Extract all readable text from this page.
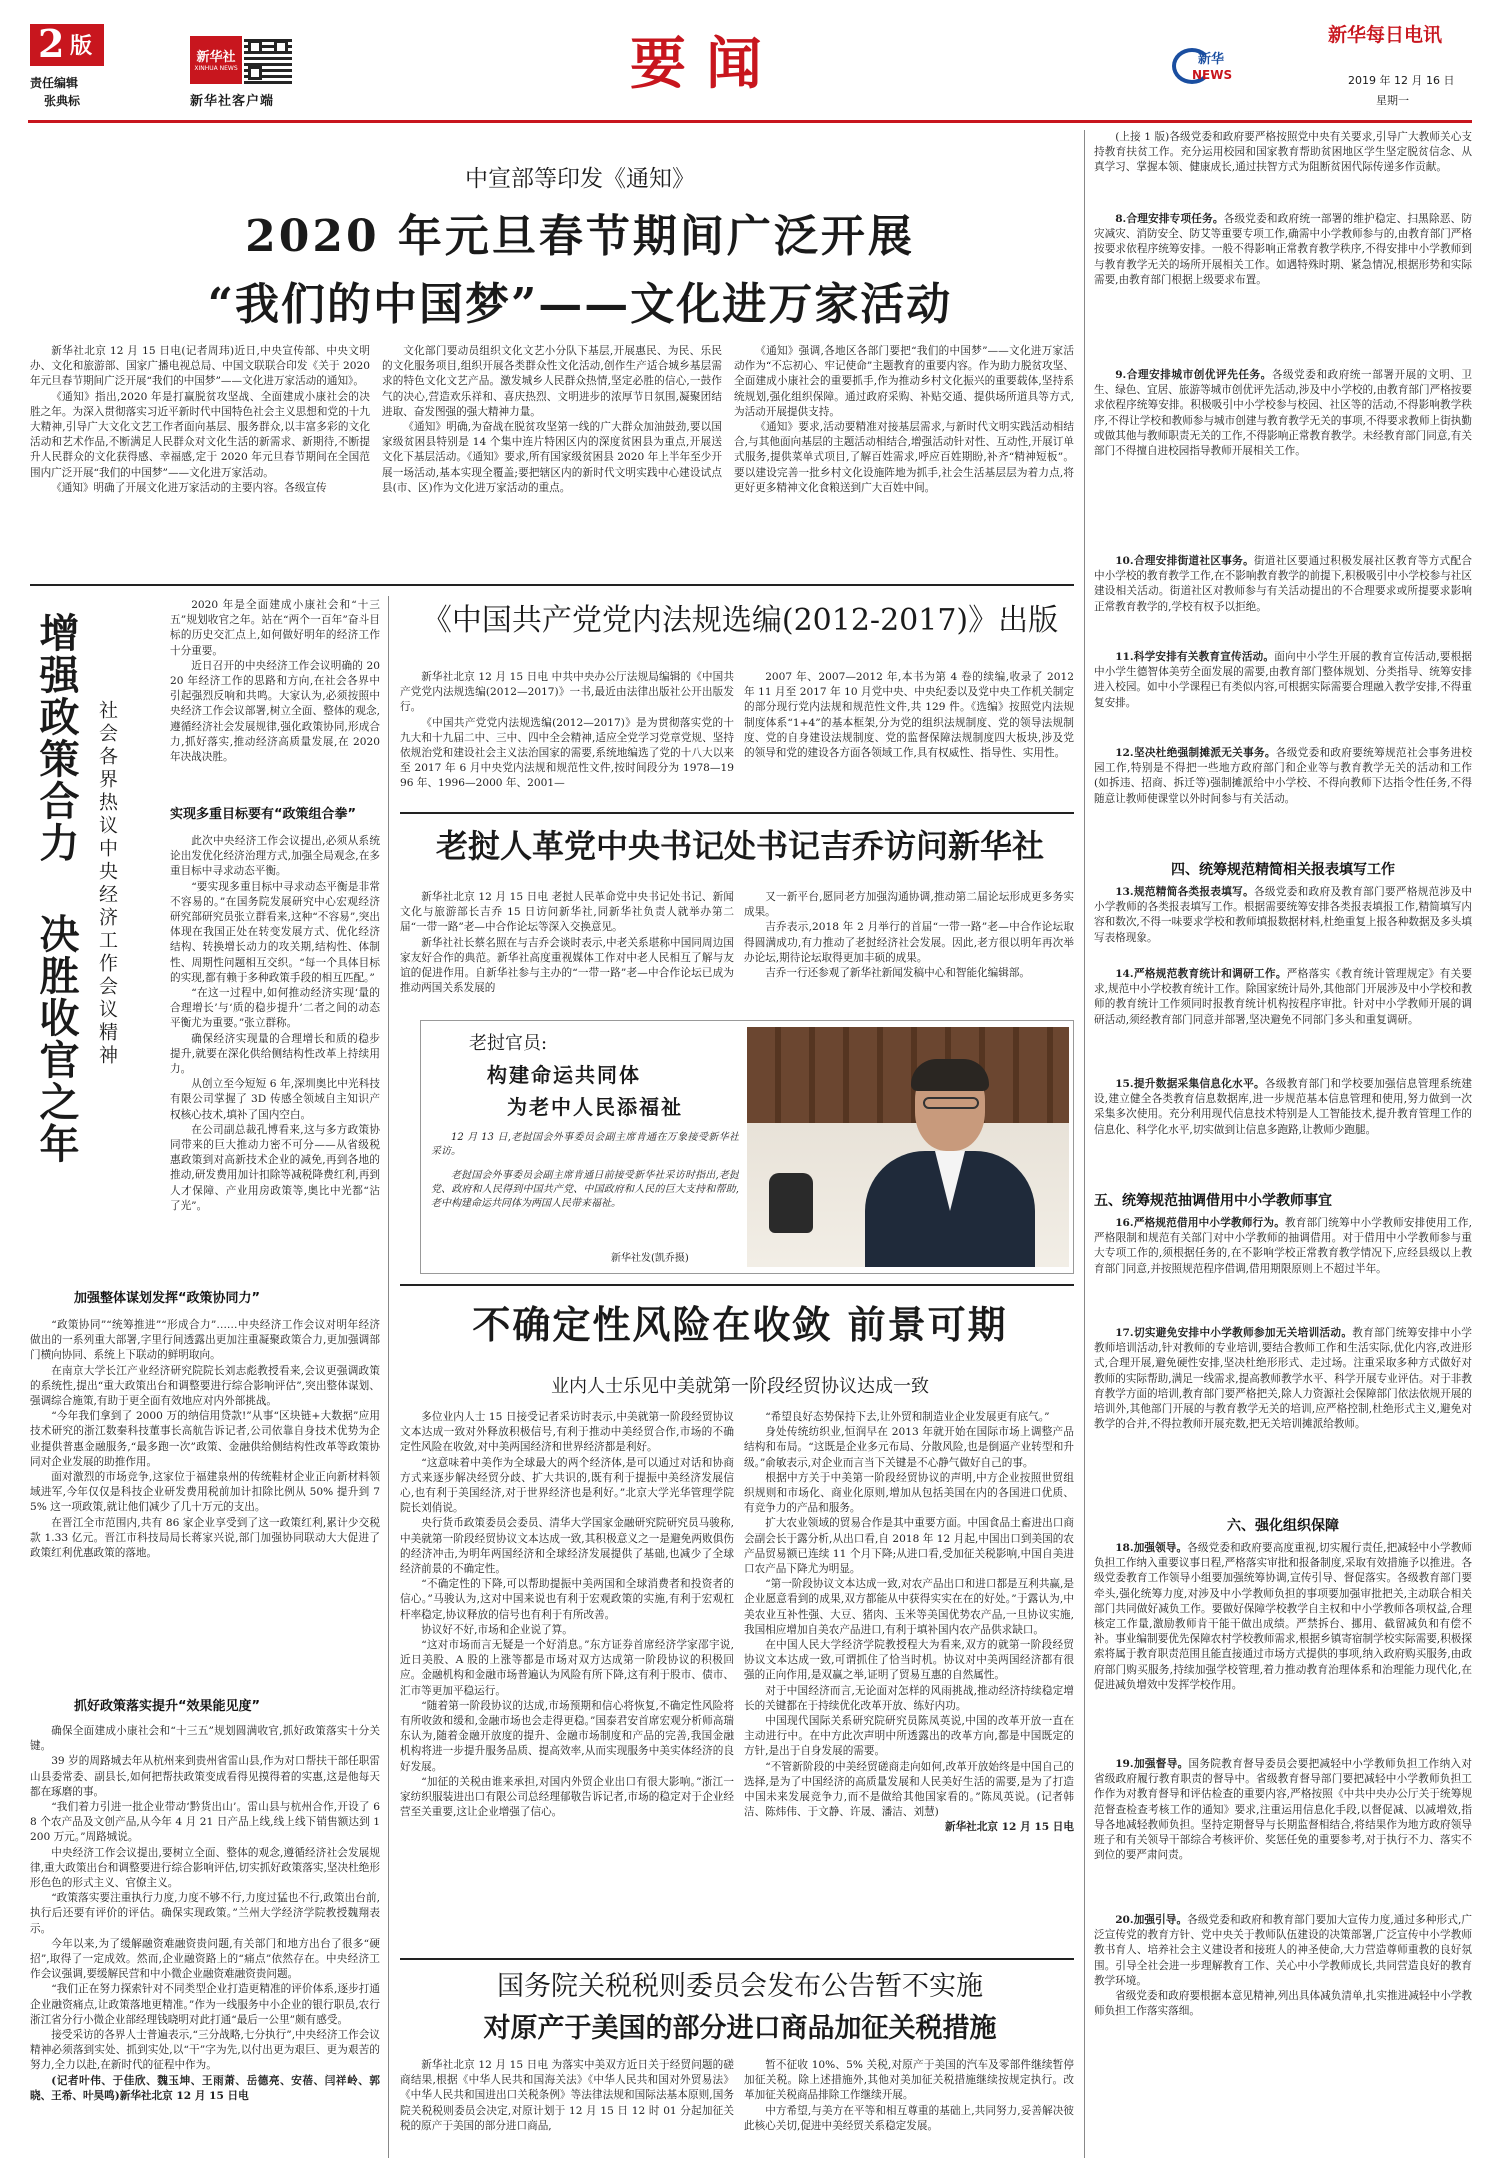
2 版
责任编辑
张典标
新华社
XINHUA NEWS
新华社客户端
要闻	新华
NEWS
新华每日电讯
2019 年 12 月 16 日
星期一
中宣部等印发《通知》
2020 年元旦春节期间广泛开展
“我们的中国梦”——文化进万家活动

新华社北京 12 月 15 日电(记者周玮)近日,中央宣传部、中央文明办、文化和旅游部、国家广播电视总局、中国文联联合印发《关于 2020 年元旦春节期间广泛开展“我们的中国梦”——文化进万家活动的通知》。

《通知》指出,2020 年是打赢脱贫攻坚战、全面建成小康社会的决胜之年。为深入贯彻落实习近平新时代中国特色社会主义思想和党的十九大精神,引导广大文化文艺工作者面向基层、服务群众,以丰富多彩的文化活动和艺术作品,不断满足人民群众对文化生活的新需求、新期待,不断提升人民群众的文化获得感、幸福感,定于 2020 年元旦春节期间在全国范围内广泛开展“我们的中国梦”——文化进万家活动。

《通知》明确了开展文化进万家活动的主要内容。各级宣传

文化部门要动员组织文化文艺小分队下基层,开展惠民、为民、乐民的文化服务项目,组织开展各类群众性文化活动,创作生产适合城乡基层需求的特色文化文艺产品。激发城乡人民群众热情,坚定必胜的信心,一鼓作气的决心,营造欢乐祥和、喜庆热烈、文明进步的浓厚节日氛围,凝聚团结进取、奋发图强的强大精神力量。

《通知》明确,为奋战在脱贫攻坚第一线的广大群众加油鼓劲,要以国家级贫困县特别是 14 个集中连片特困区内的深度贫困县为重点,开展送文化下基层活动。《通知》要求,所有国家级贫困县 2020 年上半年至少开展一场活动,基本实现全覆盖;要把辖区内的新时代文明实践中心建设试点县(市、区)作为文化进万家活动的重点。

《通知》强调,各地区各部门要把“我们的中国梦”——文化进万家活动作为“不忘初心、牢记使命”主题教育的重要内容。作为助力脱贫攻坚、全面建成小康社会的重要抓手,作为推动乡村文化振兴的重要载体,坚持系统规划,强化组织保障。通过政府采购、补贴交通、提供场所道具等方式,为活动开展提供支持。

《通知》要求,活动要精准对接基层需求,与新时代文明实践活动相结合,与其他面向基层的主题活动相结合,增强活动针对性、互动性,开展订单式服务,提供菜单式项目,了解百姓需求,呼应百姓期盼,补齐“精神短板”。要以建设完善一批乡村文化设施阵地为抓手,社会生活基层层为着力点,将更好更多精神文化食粮送到广大百姓中间。

增强政策合力 决胜收官之年 社会各界热议中央经济工作会议精神

2020 年是全面建成小康社会和“十三五”规划收官之年。站在“两个一百年”奋斗目标的历史交汇点上,如何做好明年的经济工作十分重要。

近日召开的中央经济工作会议明确的 2020 年经济工作的思路和方向,在社会各界中引起强烈反响和共鸣。大家认为,必须按照中央经济工作会议部署,树立全面、整体的观念,遵循经济社会发展规律,强化政策协同,形成合力,抓好落实,推动经济高质量发展,在 2020 年决战决胜。

实现多重目标要有“政策组合拳”

此次中央经济工作会议提出,必须从系统论出发优化经济治理方式,加强全局观念,在多重目标中寻求动态平衡。

“要实现多重目标中寻求动态平衡是非常不容易的。”在国务院发展研究中心宏观经济研究部研究员张立群看来,这种“不容易”,突出体现在我国正处在转变发展方式、优化经济结构、转换增长动力的攻关期,结构性、体制性、周期性问题相互交织。“每一个具体目标的实现,都有赖于多种政策手段的相互匹配。”

“在这一过程中,如何推动经济实现‘量的合理增长’与‘质的稳步提升’二者之间的动态平衡尤为重要。”张立群称。

确保经济实现量的合理增长和质的稳步提升,就要在深化供给侧结构性改革上持续用力。

从创立至今短短 6 年,深圳奥比中光科技有限公司掌握了 3D 传感全领域自主知识产权核心技术,填补了国内空白。

在公司副总裁孔博看来,这与多方政策协同带来的巨大推动力密不可分——从省级税惠政策到对高新技术企业的减免,再到各地的推动,研发费用加计扣除等减税降费红利,再到人才保障、产业用房政策等,奥比中光都“沾了光”。

加强整体谋划发挥“政策协同力”

“政策协同”“统筹推进”“形成合力”……中央经济工作会议对明年经济做出的一系列重大部署,字里行间透露出更加注重凝聚政策合力,更加强调部门横向协同、系统上下联动的鲜明取向。

在南京大学长江产业经济研究院院长刘志彪教授看来,会议更强调政策的系统性,提出“重大政策出台和调整要进行综合影响评估”,突出整体谋划、强调综合施策,有助于更全面有效地应对内外部挑战。

“今年我们拿到了 2000 万的纳信用贷款!”从事“区块链+大数据”应用技术研究的浙江数秦科技董事长高航告诉记者,公司依靠自身技术优势为企业提供普惠金融服务,“最多跑一次”政策、金融供给侧结构性改革等政策协同对企业发展的助推作用。

面对激烈的市场竞争,这家位于福建泉州的传统鞋材企业正向新材料领域进军,今年仅仅是科技企业研发费用税前加计扣除比例从 50% 提升到 75% 这一项政策,就让他们减少了几十万元的支出。

在晋江全市范围内,共有 86 家企业享受到了这一政策红利,累计少交税款 1.33 亿元。晋江市科技局局长蒋家兴说,部门加强协同联动大大促进了政策红利优惠政策的落地。

抓好政策落实提升“效果能见度”

确保全面建成小康社会和“十三五”规划圆满收官,抓好政策落实十分关键。

39 岁的周路城去年从杭州来到贵州省雷山县,作为对口帮扶干部任职雷山县委常委、副县长,如何把帮扶政策变成看得见摸得着的实惠,这是他每天都在琢磨的事。

“我们着力引进一批企业带动‘黔货出山’。雷山县与杭州合作,开设了 68 个农产品及文创产品,从今年 4 月 21 日产品上线,线上线下销售额达到 1200 万元。”周路城说。

中央经济工作会议提出,要树立全面、整体的观念,遵循经济社会发展规律,重大政策出台和调整要进行综合影响评估,切实抓好政策落实,坚决杜绝形形色色的形式主义、官僚主义。

“政策落实要注重执行力度,力度不够不行,力度过猛也不行,政策出台前,执行后还要有评价的评估。确保实现政策。”兰州大学经济学院教授魏翔表示。

今年以来,为了缓解融资难融资贵问题,有关部门和地方出台了很多“硬招”,取得了一定成效。然而,企业融资路上的“痛点”依然存在。中央经济工作会议强调,要缓解民营和中小微企业融资难融资贵问题。

“我们正在努力探索针对不同类型企业打造更精准的评价体系,逐步打通企业融资痛点,让政策落地更精准。”作为一线服务中小企业的银行职员,农行浙江省分行小微企业部经理钱晓明对此打通“最后一公里”颇有感受。

接受采访的各界人士普遍表示,“三分战略,七分执行”,中央经济工作会议精神必须落到实处、抓到实处,以“干”字为先,以付出更为艰巨、更为艰苦的努力,全力以赴,在新时代的征程中作为。

(记者叶伟、于佳欣、魏玉坤、王雨萧、岳德亮、安蓓、闫祥岭、郭晓、王希、叶昊鸣)新华社北京 12 月 15 日电

《中国共产党党内法规选编(2012-2017)》出版

新华社北京 12 月 15 日电 中共中央办公厅法规局编辑的《中国共产党党内法规选编(2012—2017)》一书,最近由法律出版社公开出版发行。

《中国共产党党内法规选编(2012—2017)》是为贯彻落实党的十九大和十九届二中、三中、四中全会精神,适应全党学习党章党规、坚持依规治党和建设社会主义法治国家的需要,系统地编选了党的十八大以来至 2017 年 6 月中央党内法规和规范性文件,按时间段分为 1978—1996 年、1996—2000 年、2001—

2007 年、2007—2012 年,本书为第 4 卷的续编,收录了 2012 年 11 月至 2017 年 10 月党中央、中央纪委以及党中央工作机关制定的部分现行党内法规和规范性文件,共 129 件。《选编》按照党内法规制度体系“1+4”的基本框架,分为党的组织法规制度、党的领导法规制度、党的自身建设法规制度、党的监督保障法规制度四大板块,涉及党的领导和党的建设各方面各领域工作,具有权威性、指导性、实用性。

老挝人革党中央书记处书记吉乔访问新华社

新华社北京 12 月 15 日电 老挝人民革命党中央书记处书记、新闻文化与旅游部长吉乔 15 日访问新华社,同新华社负责人就举办第二届“一带一路”老—中合作论坛等深入交换意见。

新华社社长蔡名照在与吉乔会谈时表示,中老关系堪称中国同周边国家友好合作的典范。新华社高度重视媒体工作对中老人民相互了解与友谊的促进作用。自新华社参与主办的“一带一路”老—中合作论坛已成为推动两国关系发展的

又一新平台,愿同老方加强沟通协调,推动第二届论坛形成更多务实成果。

吉乔表示,2018 年 2 月举行的首届“一带一路”老—中合作论坛取得圆满成功,有力推动了老挝经济社会发展。因此,老方很以明年再次举办论坛,期待论坛取得更加丰硕的成果。

吉乔一行还参观了新华社新闻发稿中心和智能化编辑部。

老挝官员:
构建命运共同体
为老中人民添福祉

12 月 13 日,老挝国会外事委员会副主席肯通在万象接受新华社采访。

老挝国会外事委员会副主席肯通日前接受新华社采访时指出,老挝党、政府和人民得到中国共产党、中国政府和人民的巨大支持和帮助,老中构建命运共同体为两国人民带来福祉。

新华社发(凯乔摄)
不确定性风险在收敛 前景可期
业内人士乐见中美就第一阶段经贸协议达成一致

多位业内人士 15 日接受记者采访时表示,中美就第一阶段经贸协议文本达成一致对外释放积极信号,有利于推动中美经贸合作,市场的不确定性风险在收敛,对中美两国经济和世界经济都是利好。

“这意味着中美作为全球最大的两个经济体,是可以通过对话和协商方式来逐步解决经贸分歧、扩大共识的,既有利于提振中美经济发展信心,也有利于美国经济,对于世界经济也是利好。”北京大学光华管理学院院长刘俏说。

央行货币政策委员会委员、清华大学国家金融研究院研究员马骏称,中美就第一阶段经贸协议文本达成一致,其积极意义之一是避免两败俱伤的经济冲击,为明年两国经济和全球经济发展提供了基础,也减少了全球经济前景的不确定性。

“不确定性的下降,可以帮助提振中美两国和全球消费者和投资者的信心。”马骏认为,这对中国来说也有利于宏观政策的实施,有利于宏观杠杆率稳定,协议释放的信号也有利于有所改善。

协议好不好,市场和企业说了算。

“这对市场而言无疑是一个好消息。”东方证券首席经济学家邵宇说,近日美股、A 股的上涨等都是市场对双方达成第一阶段协议的积极回应。金融机构和金融市场普遍认为风险有所下降,这有利于股市、债市、汇市等更加平稳运行。

“随着第一阶段协议的达成,市场预期和信心将恢复,不确定性风险将有所收敛和缓和,金融市场也会走得更稳。”国泰君安首席宏观分析师高瑞东认为,随着金融开放度的提升、金融市场制度和产品的完善,我国金融机构将进一步提升服务品质、提高效率,从而实现服务中美实体经济的良好发展。

“加征的关税由谁来承担,对国内外贸企业出口有很大影响。”浙江一家纺织服装进出口有限公司总经理郁敬告诉记者,市场的稳定对于企业经营至关重要,这让企业增强了信心。

“希望良好态势保持下去,让外贸和制造业企业发展更有底气。”

身处传统纺织业,恒润早在 2013 年就开始在国际市场上调整产品结构和布局。“这既是企业多元布局、分散风险,也是倒逼产业转型和升级。”俞敏表示,对企业而言当下关键是不心静气做好自己的事。

根据中方关于中美第一阶段经贸协议的声明,中方企业按照世贸组织规则和市场化、商业化原则,增加从包括美国在内的各国进口优质、有竞争力的产品和服务。

扩大农业领域的贸易合作是其中重要方面。中国食品土畜进出口商会副会长于露分析,从出口看,自 2018 年 12 月起,中国出口到美国的农产品贸易额已连续 11 个月下降;从进口看,受加征关税影响,中国自美进口农产品下降尤为明显。

“第一阶段协议文本达成一致,对农产品出口和进口都是互利共赢,是企业愿意看到的成果,双方都能从中获得实实在在的好处。”于露认为,中美农业互补性强、大豆、猪肉、玉米等美国优势农产品,一旦协议实施,我国相应增加自美农产品进口,有利于填补国内农产品供求缺口。

在中国人民大学经济学院教授程大为看来,双方的就第一阶段经贸协议文本达成一致,可谓抓住了恰当时机。协议对中美两国经济都有很强的正向作用,是双赢之举,证明了贸易互惠的自然属性。

对于中国经济而言,无论面对怎样的风雨挑战,推动经济持续稳定增长的关键都在于持续优化改革开放、练好内功。

中国现代国际关系研究院研究员陈凤英说,中国的改革开放一直在主动进行中。在中方此次声明中所透露出的改革方向,都是中国既定的方针,是出于自身发展的需要。

“不管新阶段的中美经贸磋商走向如何,改革开放始终是中国自己的选择,是为了中国经济的高质量发展和人民美好生活的需要,是为了打造中国未来发展竞争力,而不是做给其他国家看的。”陈凤英说。(记者韩洁、陈炜伟、于文静、许晟、潘洁、刘慧)

新华社北京 12 月 15 日电

国务院关税税则委员会发布公告暂不实施
对原产于美国的部分进口商品加征关税措施

新华社北京 12 月 15 日电 为落实中美双方近日关于经贸问题的磋商结果,根据《中华人民共和国海关法》《中华人民共和国对外贸易法》《中华人民共和国进出口关税条例》等法律法规和国际法基本原则,国务院关税税则委员会决定,对原计划于 12 月 15 日 12 时 01 分起加征关税的原产于美国的部分进口商品,

暂不征收 10%、5% 关税,对原产于美国的汽车及零部件继续暂停加征关税。除上述措施外,其他对美加征关税措施继续按规定执行。改革加征关税商品排除工作继续开展。

中方希望,与美方在平等和相互尊重的基础上,共同努力,妥善解决彼此核心关切,促进中美经贸关系稳定发展。

(上接 1 版)各级党委和政府要严格按照党中央有关要求,引导广大教师关心支持教育扶贫工作。充分运用校园和国家教育帮助贫困地区学生坚定脱贫信念、从真学习、掌握本领、健康成长,通过扶智方式为阻断贫困代际传递多作贡献。

8.合理安排专项任务。各级党委和政府统一部署的维护稳定、扫黑除恶、防灾减灾、消防安全、防艾等重要专项工作,确需中小学教师参与的,由教育部门严格按要求依程序统筹安排。一般不得影响正常教育教学秩序,不得安排中小学教师到与教育教学无关的场所开展相关工作。如遇特殊时期、紧急情况,根据形势和实际需要,由教育部门根据上级要求布置。

9.合理安排城市创优评先任务。各级党委和政府统一部署开展的文明、卫生、绿色、宜居、旅游等城市创优评先活动,涉及中小学校的,由教育部门严格按要求依程序统筹安排。积极吸引中小学校参与校园、社区等的活动,不得影响教学秩序,不得让学校和教师参与城市创建与教育教学无关的事项,不得要求教师上街执勤或做其他与教师职责无关的工作,不得影响正常教育教学。未经教育部门同意,有关部门不得擅自进校园指导教师开展相关工作。

10.合理安排街道社区事务。街道社区要通过积极发展社区教育等方式配合中小学校的教育教学工作,在不影响教育教学的前提下,积极吸引中小学校参与社区建设相关活动。街道社区对教师参与有关活动提出的不合理要求或所提要求影响正常教育教学的,学校有权予以拒绝。

11.科学安排有关教育宣传活动。面向中小学生开展的教育宣传活动,要根据中小学生德智体美劳全面发展的需要,由教育部门整体规划、分类指导、统筹安排进入校园。如中小学课程已有类似内容,可根据实际需要合理融入教学安排,不得重复安排。

12.坚决杜绝强制摊派无关事务。各级党委和政府要统筹规范社会事务进校园工作,特别是不得把一些地方政府部门和企业等与教育教学无关的活动和工作(如拆违、招商、拆迁等)强制摊派给中小学校、不得向教师下达指令性任务,不得随意让教师使课堂以外时间参与有关活动。

四、统筹规范精简相关报表填写工作

13.规范精简各类报表填写。各级党委和政府及教育部门要严格规范涉及中小学教师的各类报表填写工作。根据需要统筹安排各类报表填报工作,精简填写内容和数次,不得一味要求学校和教师填报数据材料,杜绝重复上报各种数据及多头填写表格现象。

14.严格规范教育统计和调研工作。严格落实《教育统计管理规定》有关要求,规范中小学校教育统计工作。除国家统计局外,其他部门开展涉及中小学校和教师的教育统计工作须同时报教育统计机构按程序审批。针对中小学教师开展的调研活动,须经教育部门同意并部署,坚决避免不同部门多头和重复调研。

15.提升数据采集信息化水平。各级教育部门和学校要加强信息管理系统建设,建立健全各类教育信息数据库,进一步规范基本信息管理和使用,努力做到一次采集多次使用。充分利用现代信息技术特别是人工智能技术,提升教育管理工作的信息化、科学化水平,切实做到让信息多跑路,让教师少跑腿。

五、统筹规范抽调借用中小学教师事宜

16.严格规范借用中小学教师行为。教育部门统筹中小学教师安排使用工作,严格限制和规范有关部门对中小学教师的抽调借用。对于借用中小学教师参与重大专项工作的,须根据任务的,在不影响学校正常教育教学情况下,应经县级以上教育部门同意,并按照规范程序借调,借用期限原则上不超过半年。

17.切实避免安排中小学教师参加无关培训活动。教育部门统筹安排中小学教师培训活动,针对教师的专业培训,要结合教师工作和生活实际,优化内容,改进形式,合理开展,避免硬性安排,坚决杜绝形形式、走过场。注重采取多种方式做好对教师的实际帮助,满足一线需求,提高教师教学水平、科学开展专业评估。对于非教育教学方面的培训,教育部门要严格把关,除人力资源社会保障部门依法依规开展的培训外,其他部门开展的与教育教学无关的培训,应严格控制,杜绝形式主义,避免对教学的合并,不得拉教师开展充数,把无关培训摊派给教师。

六、强化组织保障

18.加强领导。各级党委和政府要高度重视,切实履行责任,把减轻中小学教师负担工作纳入重要议事日程,严格落实审批和报备制度,采取有效措施予以推进。各级党委教育工作领导小组要加强统筹协调,宣传引导、督促落实。各级教育部门要牵头,强化统筹力度,对涉及中小学教师负担的事项要加强审批把关,主动联合相关部门共同做好减负工作。要做好保障学校教学自主权和中小学教师各项权益,合理核定工作量,激励教师肯干能干做出成绩。严禁拆台、挪用、截留减负和有偿不补。事业编制要优先保障农村学校教师需求,根据乡镇寄宿制学校实际需要,积极探索将属于教育职责范围且能直接通过市场方式提供的事项,纳入政府购买服务,由政府部门购买服务,持续加强学校管理,着力推动教育治理体系和治理能力现代化,在促进减负增效中发挥学校作用。

19.加强督导。国务院教育督导委员会要把减轻中小学教师负担工作纳入对省级政府履行教育职责的督导中。省级教育督导部门要把减轻中小学教师负担工作作为对教育督导和评估检查的重要内容,严格按照《中共中央办公厅关于统筹规范督查检查考核工作的通知》要求,注重运用信息化手段,以督促减、以减增效,指导各地减轻教师负担。坚持定期督导与长期监督相结合,将结果作为地方政府领导班子和有关领导干部综合考核评价、奖惩任免的重要参考,对于执行不力、落实不到位的要严肃问责。

20.加强引导。各级党委和政府和教育部门要加大宣传力度,通过多种形式,广泛宣传党的教育方针、党中央关于教师队伍建设的决策部署,广泛宣传中小学教师教书育人、培养社会主义建设者和接班人的神圣使命,大力营造尊师重教的良好氛围。引导全社会进一步理解教育工作、关心中小学教师成长,共同营造良好的教育教学环境。

省级党委和政府要根据本意见精神,列出具体减负清单,扎实推进减轻中小学教师负担工作落实落细。
